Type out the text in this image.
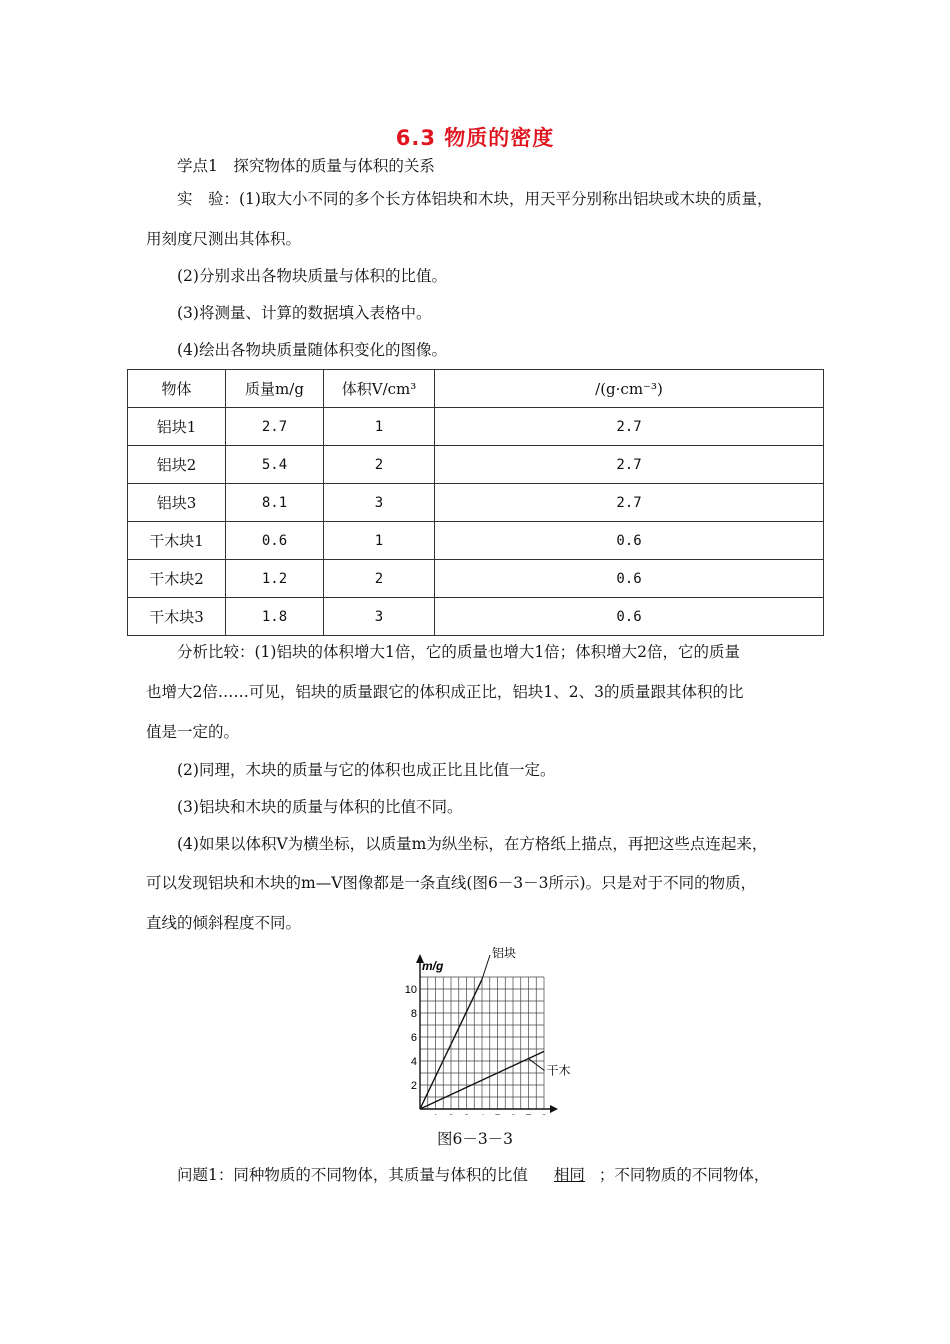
6.3 物质的密度
学点1　探究物体的质量与体积的关系
实　验：(1)取大小不同的多个长方体铝块和木块，用天平分别称出铝块或木块的质量，
用刻度尺测出其体积。
(2)分别求出各物块质量与体积的比值。
(3)将测量、计算的数据填入表格中。
(4)绘出各物块质量随体积变化的图像。
物体	质量m/g	体积V/cm³	/(g·cm⁻³)
铝块1	2.7	1	2.7
铝块2	5.4	2	2.7
铝块3	8.1	3	2.7
干木块1	0.6	1	0.6
干木块2	1.2	2	0.6
干木块3	1.8	3	0.6
分析比较：(1)铝块的体积增大1倍，它的质量也增大1倍；体积增大2倍，它的质量
也增大2倍……可见，铝块的质量跟它的体积成正比，铝块1、2、3的质量跟其体积的比
值是一定的。
(2)同理，木块的质量与它的体积也成正比且比值一定。
(3)铝块和木块的质量与体积的比值不同。
(4)如果以体积V为横坐标，以质量m为纵坐标，在方格纸上描点，再把这些点连起来，
可以发现铝块和木块的m—V图像都是一条直线(图6－3－3所示)。只是对于不同的物质，
直线的倾斜程度不同。
2
4
6
8
10
铝块
干木
m/g
图6－3－3
问题1：同种物质的不同物体，其质量与体积的比值 相同 ；不同物质的不同物体，
